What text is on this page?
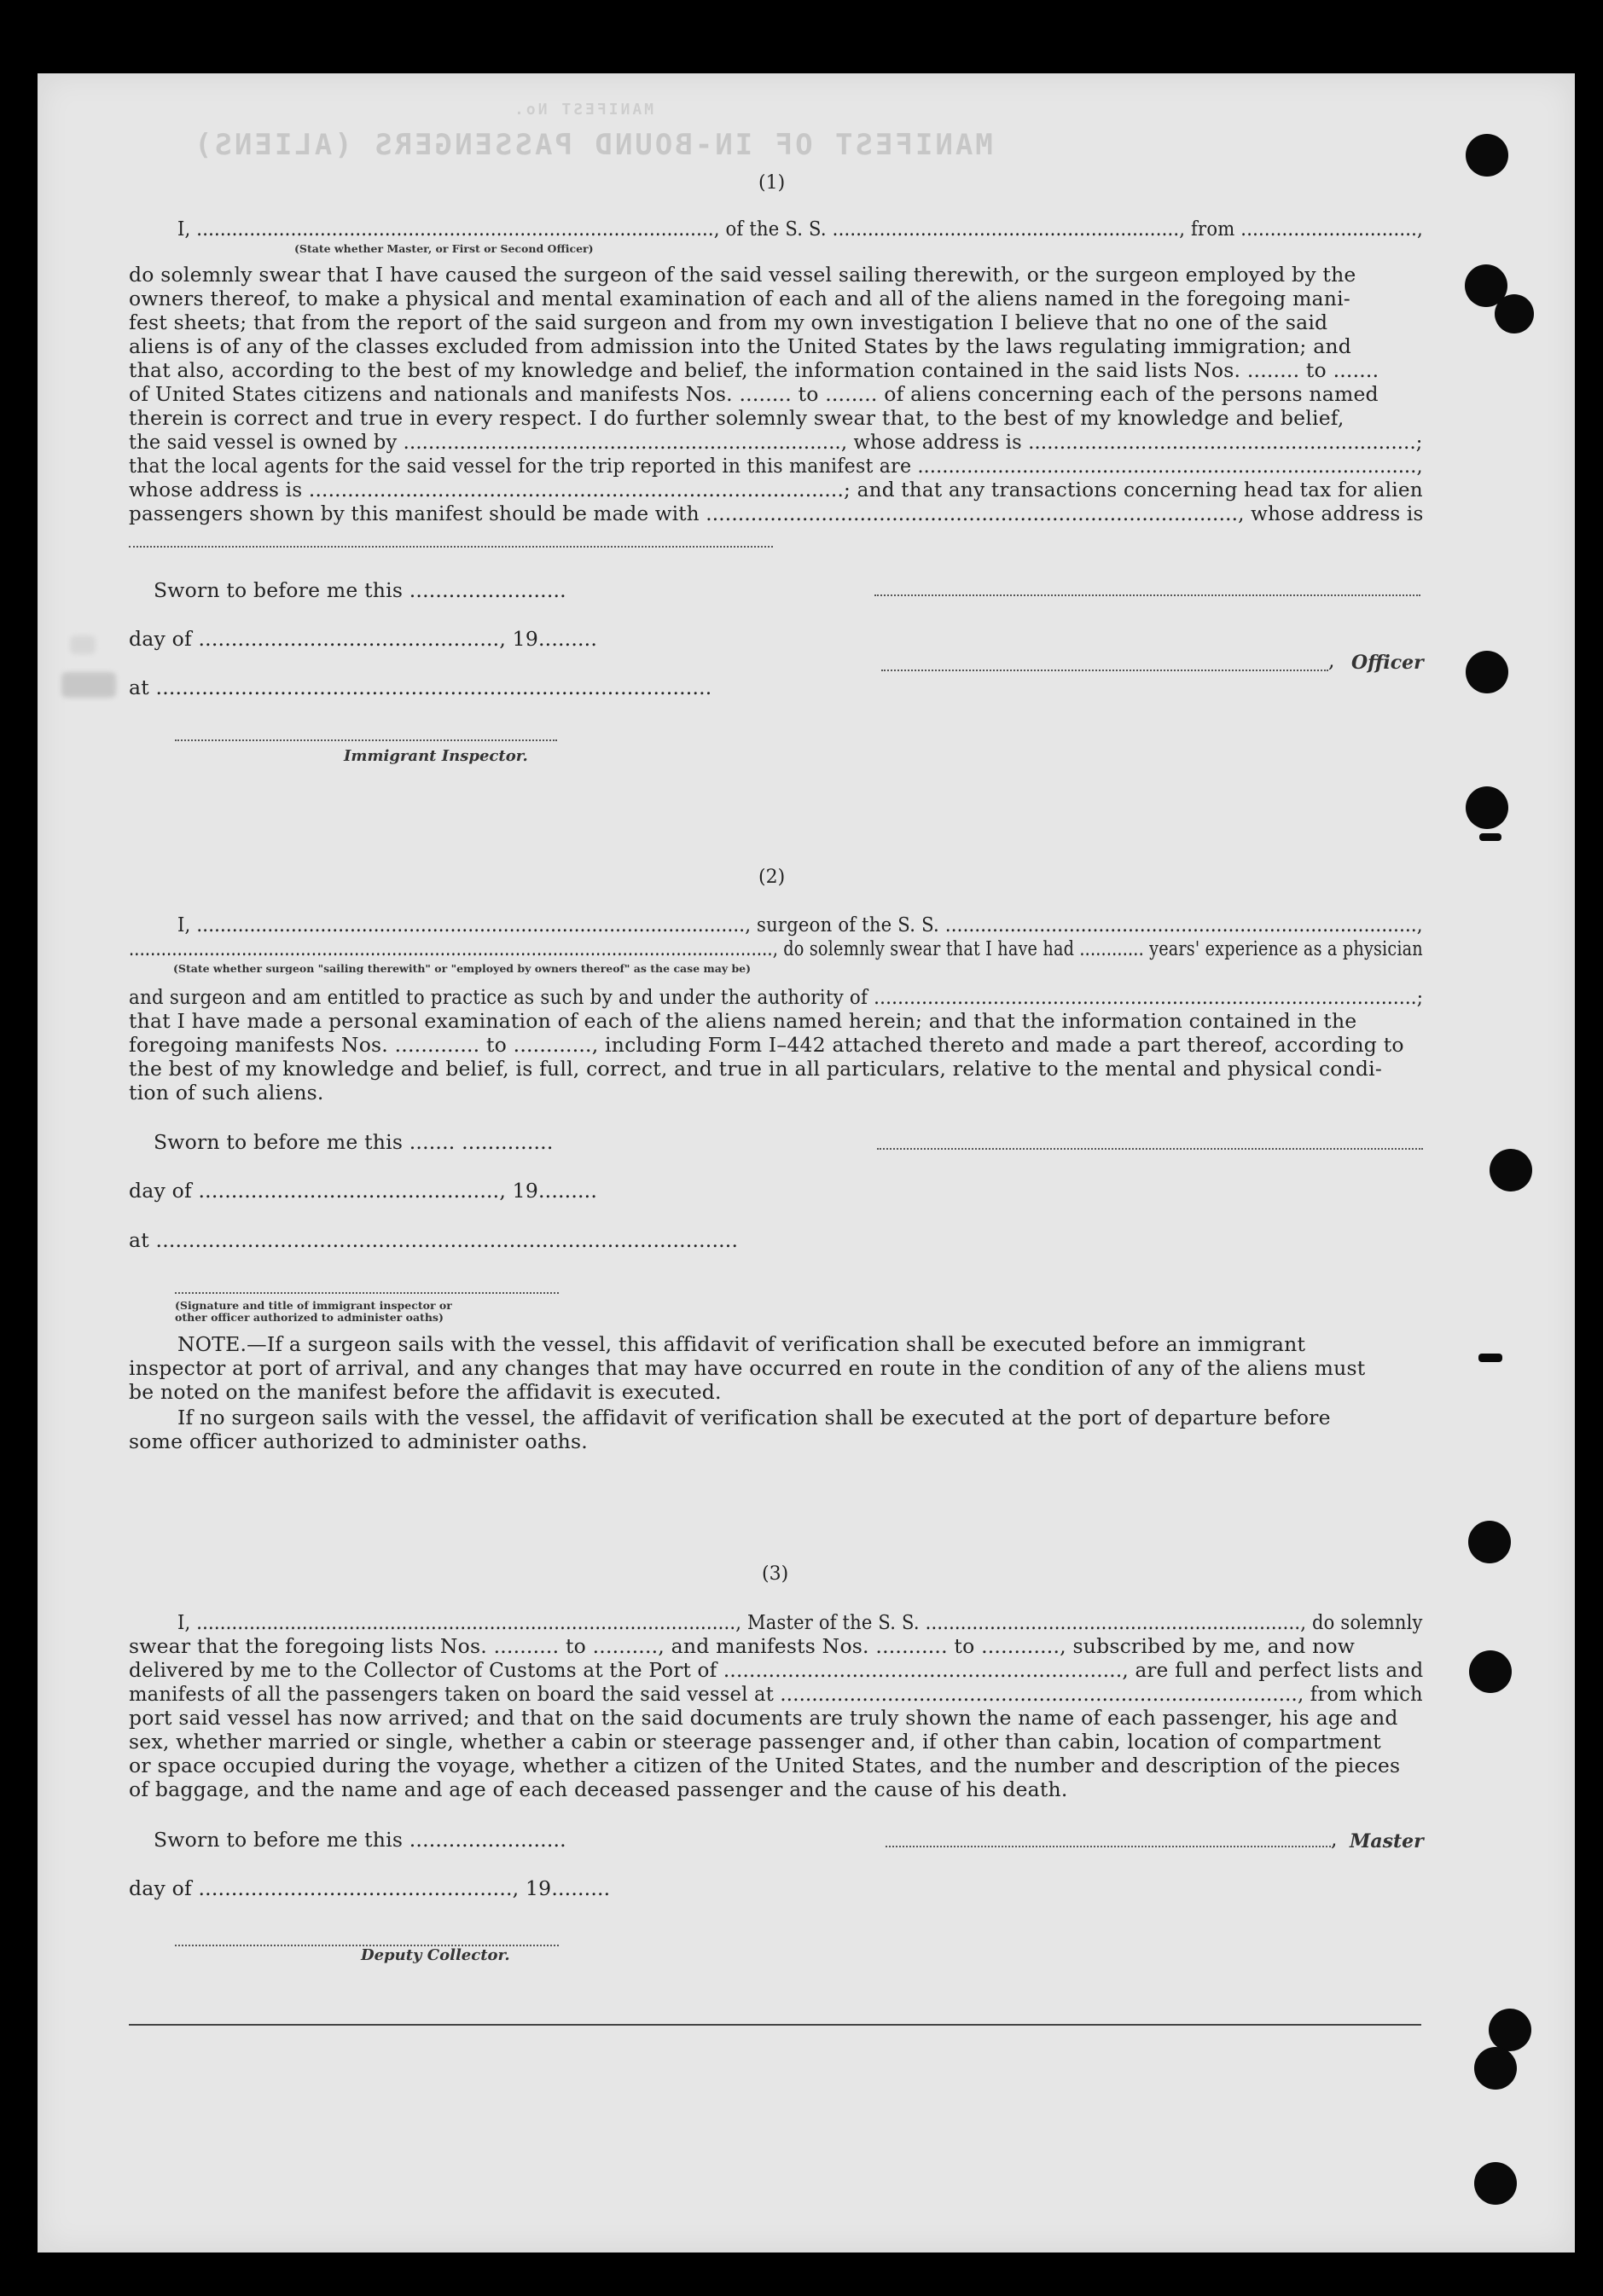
MANIFEST OF IN-BOUND PASSENGERS (ALIENS)
MANIFEST No.
(1)
I, ........................................................................................, of the S. S. ..........................................................., from ..............................,
(State whether Master, or First or Second Officer)
do solemnly swear that I have caused the surgeon of the said vessel sailing therewith, or the surgeon employed by the
owners thereof, to make a physical and mental examination of each and all of the aliens named in the foregoing mani-
fest sheets; that from the report of the said surgeon and from my own investigation I believe that no one of the said
aliens is of any of the classes excluded from admission into the United States by the laws regulating immigration; and
that also, according to the best of my knowledge and belief, the information contained in the said lists Nos. ........ to .......
of United States citizens and nationals and manifests Nos. ........ to ........ of aliens concerning each of the persons named
therein is correct and true in every respect. I do further solemnly swear that, to the best of my knowledge and belief,
the said vessel is owned by ......................................................................, whose address is ..............................................................;
that the local agents for the said vessel for the trip reported in this manifest are .................................................................................,
whose address is ...................................................................................; and that any transactions concerning head tax for alien
passengers shown by this manifest should be made with ..................................................................................., whose address is
Sworn to before me this ........................
day of .............................................., 19.........
at .....................................................................................
, Officer
Immigrant Inspector.
(2)
I, ............................................................................................., surgeon of the S. S. ................................................................................,
........................................................................................................................, do solemnly swear that I have had ............ years' experience as a physician
(State whether surgeon "sailing therewith" or "employed by owners thereof" as the case may be)
and surgeon and am entitled to practice as such by and under the authority of ...........................................................................................;
that I have made a personal examination of each of the aliens named herein; and that the information contained in the
foregoing manifests Nos. ............. to ............, including Form I–442 attached thereto and made a part thereof, according to
the best of my knowledge and belief, is full, correct, and true in all particulars, relative to the mental and physical condi-
tion of such aliens.
Sworn to before me this ....... ..............
day of .............................................., 19.........
at .........................................................................................
(Signature and title of immigrant inspector or
other officer authorized to administer oaths)
NOTE.—If a surgeon sails with the vessel, this affidavit of verification shall be executed before an immigrant
inspector at port of arrival, and any changes that may have occurred en route in the condition of any of the aliens must
be noted on the manifest before the affidavit is executed.
If no surgeon sails with the vessel, the affidavit of verification shall be executed at the port of departure before
some officer authorized to administer oaths.
(3)
I, ............................................................................................, Master of the S. S. ................................................................, do solemnly
swear that the foregoing lists Nos. .......... to .........., and manifests Nos. ........... to ............, subscribed by me, and now
delivered by me to the Collector of Customs at the Port of .............................................................., are full and perfect lists and
manifests of all the passengers taken on board the said vessel at .................................................................................., from which
port said vessel has now arrived; and that on the said documents are truly shown the name of each passenger, his age and
sex, whether married or single, whether a cabin or steerage passenger and, if other than cabin, location of compartment
or space occupied during the voyage, whether a citizen of the United States, and the number and description of the pieces
of baggage, and the name and age of each deceased passenger and the cause of his death.
Sworn to before me this ........................	, Master
day of ................................................, 19.........
Deputy Collector.
